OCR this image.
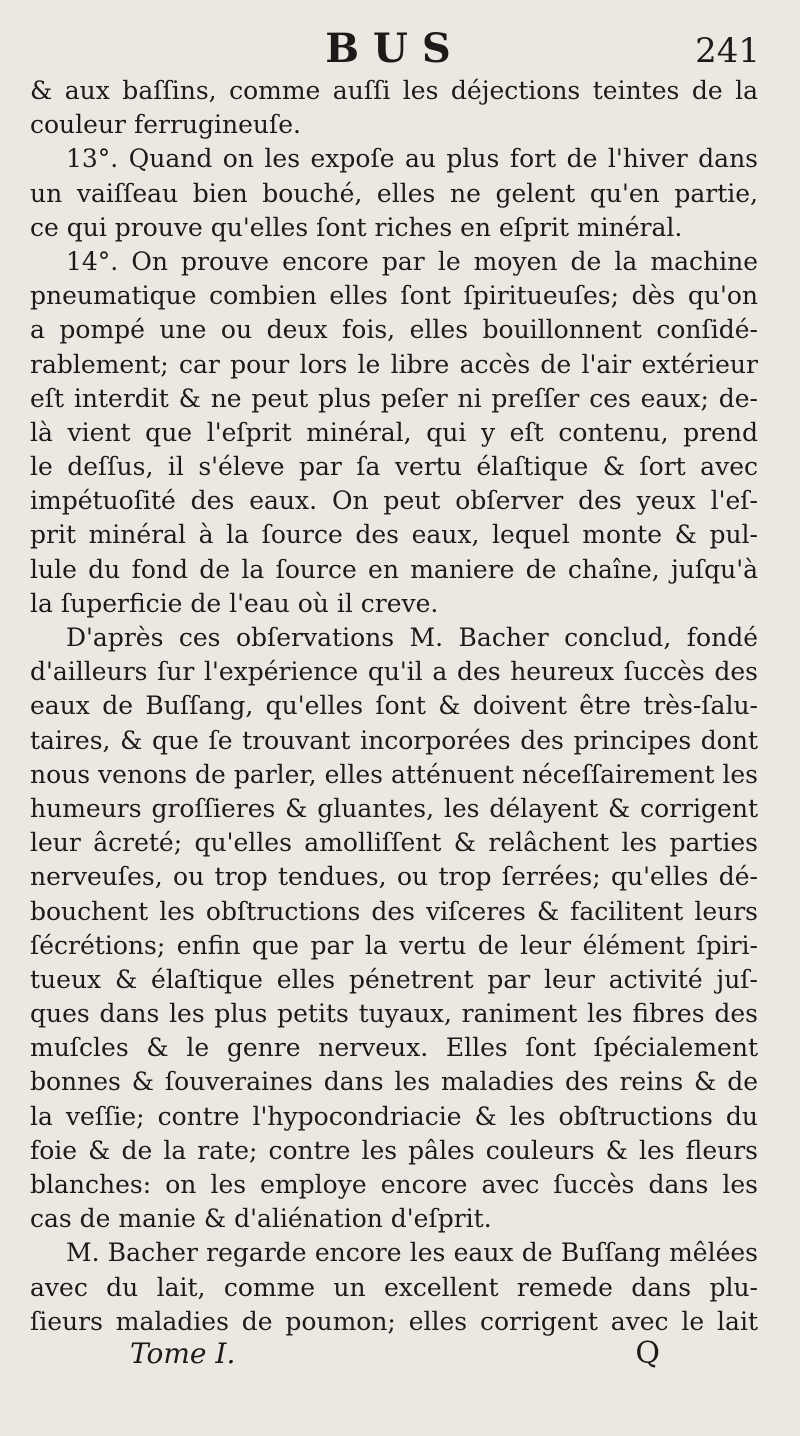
BUS	241
& aux baſſins, comme auſſi les déjections teintes de la
couleur ferrugineuſe.
13°. Quand on les expoſe au plus fort de l'hiver dans
un vaiſſeau bien bouché, elles ne gelent qu'en partie,
ce qui prouve qu'elles ſont riches en eſprit minéral.
14°. On prouve encore par le moyen de la machine
pneumatique combien elles ſont ſpiritueuſes; dès qu'on
a pompé une ou deux fois, elles bouillonnent conſidé-
rablement; car pour lors le libre accès de l'air extérieur
eſt interdit & ne peut plus peſer ni preſſer ces eaux; de-
là vient que l'eſprit minéral, qui y eſt contenu, prend
le deſſus, il s'éleve par ſa vertu élaſtique & ſort avec
impétuoſité des eaux. On peut obſerver des yeux l'eſ-
prit minéral à la ſource des eaux, lequel monte & pul-
lule du fond de la ſource en maniere de chaîne, juſqu'à
la ſuperficie de l'eau où il creve.
D'après ces obſervations M. Bacher conclud, fondé
d'ailleurs ſur l'expérience qu'il a des heureux ſuccès des
eaux de Buſſang, qu'elles ſont & doivent être très-ſalu-
taires, & que ſe trouvant incorporées des principes dont
nous venons de parler, elles atténuent néceſſairement les
humeurs groſſieres & gluantes, les délayent & corrigent
leur âcreté; qu'elles amolliſſent & relâchent les parties
nerveuſes, ou trop tendues, ou trop ſerrées; qu'elles dé-
bouchent les obſtructions des viſceres & facilitent leurs
ſécrétions; enfin que par la vertu de leur élément ſpiri-
tueux & élaſtique elles pénetrent par leur activité juſ-
ques dans les plus petits tuyaux, raniment les fibres des
muſcles & le genre nerveux. Elles ſont ſpécialement
bonnes & ſouveraines dans les maladies des reins & de
la veſſie; contre l'hypocondriacie & les obſtructions du
foie & de la rate; contre les pâles couleurs & les fleurs
blanches: on les employe encore avec ſuccès dans les
cas de manie & d'aliénation d'eſprit.
M. Bacher regarde encore les eaux de Buſſang mêlées
avec du lait, comme un excellent remede dans plu-
ſieurs maladies de poumon; elles corrigent avec le lait
Tome I.	Q
